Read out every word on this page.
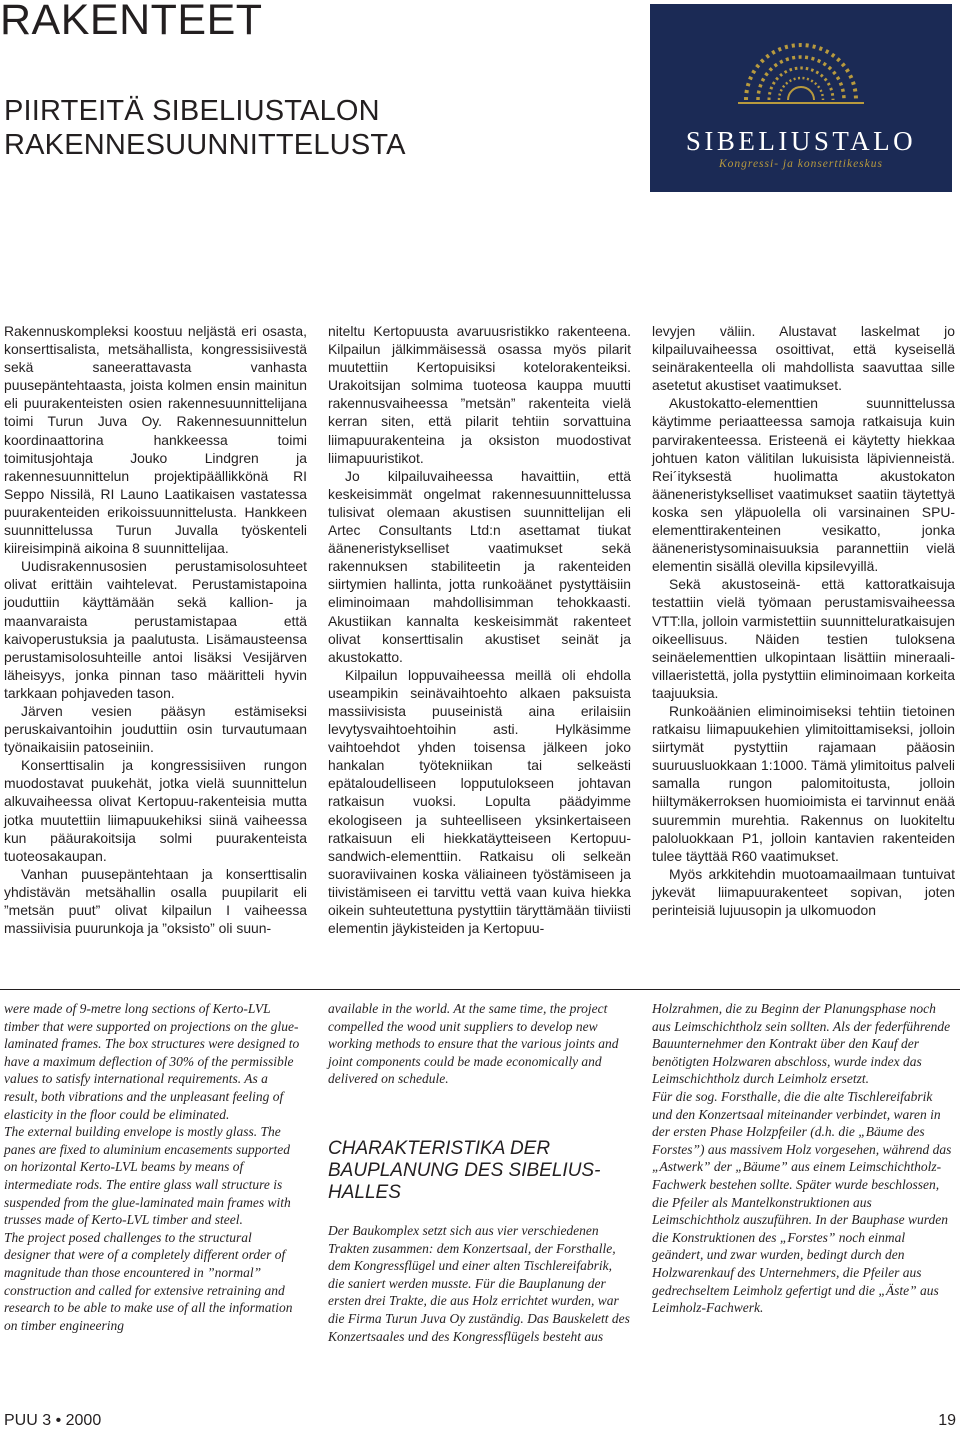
RAKENTEET
PIIRTEITÄ SIBELIUSTALON
RAKENNESUUNNITTELUSTA	SIBELIUSTALO
Kongressi- ja konserttikeskus

Rakennuskompleksi koostuu neljästä eri osasta, konserttisalista, metsähallista, kongressisiivestä sekä saneerattavasta vanhasta puusepäntehtaasta, joista kolmen ensin mainitun eli puurakenteisten osien rakennesuunnittelijana toimi Turun Juva Oy. Rakennesuunnittelun koordinaattorina hankkeessa toimi toimitusjohtaja Jouko Lindgren ja rakennesuunnittelun projektipäällikkönä RI Seppo Nissilä, RI Launo Laatikaisen vastatessa puurakenteiden erikoissuunnittelusta. Hankkeen suunnittelussa Turun Juvalla työskenteli kiireisimpinä aikoina 8 suunnittelijaa.

Uudisrakennusosien perustamisolosuhteet olivat erittäin vaihtelevat. Perustamistapoina jouduttiin käyttämään sekä kallion- ja maanvaraista perustamistapaa että kaivoperustuksia ja paalutusta. Lisämausteensa perustamisolosuhteille antoi lisäksi Vesijärven läheisyys, jonka pinnan taso määritteli hyvin tarkkaan pohjaveden tason.

Järven vesien pääsyn estämiseksi peruskaivantoihin jouduttiin osin turvautumaan työnaikaisiin patoseiniin.

Konserttisalin ja kongressisiiven rungon muodostavat puukehät, jotka vielä suunnittelun alkuvaiheessa olivat Kertopuu-rakenteisia mutta jotka muutettiin liimapuukehiksi siinä vaiheessa kun pääurakoitsija solmi puurakenteista tuoteosakaupan.

Vanhan puusepäntehtaan ja konserttisalin yhdistävän metsähallin osalla puupilarit eli ”metsän puut” olivat kilpailun I vaiheessa massiivisia puurunkoja ja ”oksisto” oli suun-

niteltu Kertopuusta avaruusristikko rakenteena. Kilpailun jälkimmäisessä osassa myös pilarit muutettiin Kertopuisiksi kotelorakenteiksi. Urakoitsijan solmima tuoteosa kauppa muutti rakennusvaiheessa ”metsän” rakenteita vielä kerran siten, että pilarit tehtiin sorvattuina liimapuurakenteina ja oksiston muodostivat liimapuuristikot.

Jo kilpailuvaiheessa havaittiin, että keskeisimmät ongelmat rakennesuunnittelussa tulisivat olemaan akustisen suunnittelijan eli Artec Consultants Ltd:n asettamat tiukat ääneneristykselliset vaatimukset sekä rakennuksen stabiliteetin ja rakenteiden siirtymien hallinta, jotta runkoäänet pystyttäisiin eliminoimaan mahdollisimman tehokkaasti. Akustiikan kannalta keskeisimmät rakenteet olivat konserttisalin akustiset seinät ja akustokatto.

Kilpailun loppuvaiheessa meillä oli ehdolla useampikin seinävaihtoehto alkaen paksuista massiivisista puuseinistä aina erilaisiin levytysvaihtoehtoihin asti. Hylkäsimme vaihtoehdot yhden toisensa jälkeen joko hankalan työtekniikan tai selkeästi epätaloudelliseen lopputulokseen johtavan ratkaisun vuoksi. Lopulta päädyimme ekologiseen ja suhteelliseen yksinkertaiseen ratkaisuun eli hiekkatäytteiseen Kertopuu-sandwich-elementtiin. Ratkaisu oli selkeän suoraviivainen koska väliaineen työstämiseen ja tiivistämiseen ei tarvittu vettä vaan kuiva hiekka oikein suhteutettuna pystyttiin täryttämään tiiviisti elementin jäykisteiden ja Kertopuu-

levyjen väliin. Alustavat laskelmat jo kilpailuvaiheessa osoittivat, että kyseisellä seinärakenteella oli mahdollista saavuttaa sille asetetut akustiset vaatimukset.

Akustokatto-elementtien suunnittelussa käytimme periaatteessa samoja ratkaisuja kuin parvirakenteessa. Eristeenä ei käytetty hiekkaa johtuen katon välitilan lukuisista läpivienneistä. Rei´ityksestä huolimatta akustokaton ääneneristykselliset vaatimukset saatiin täytettyä koska sen yläpuolella oli varsinainen SPU-elementtirakenteinen vesikatto, jonka ääneneristysominaisuuksia parannettiin vielä elementin sisällä olevilla kipsilevyillä.

Sekä akustoseinä- että kattoratkaisuja testattiin vielä työmaan perustamisvaiheessa VTT:lla, jolloin varmistettiin suunnitteluratkaisujen oikeellisuus. Näiden testien tuloksena seinäelementtien ulkopintaan lisättiin mineraali-villaeristettä, jolla pystyttiin eliminoimaan korkeita taajuuksia.

Runkoäänien eliminoimiseksi tehtiin tietoinen ratkaisu liimapuukehien ylimitoittamiseksi, jolloin siirtymät pystyttiin rajamaan pääosin suuruusluokkaan 1:1000. Tämä ylimitoitus palveli samalla rungon palomitoitusta, jolloin hiiltymäkerroksen huomioimista ei tarvinnut enää suuremmin murehtia. Rakennus on luokiteltu paloluokkaan P1, jolloin kantavien rakenteiden tulee täyttää R60 vaatimukset.

Myös arkkitehdin muotoamaailmaan tuntuivat jykevät liimapuurakenteet sopivan, joten perinteisiä lujuusopin ja ulkomuodon

were made of 9-metre long sections of Kerto-LVL timber that were supported on projections on the glue-laminated frames. The box structures were designed to have a maximum deflection of 30% of the permissible values to satisfy international requirements. As a result, both vibrations and the unpleasant feeling of elasticity in the floor could be eliminated.

The external building envelope is mostly glass. The panes are fixed to aluminium encasements supported on horizontal Kerto-LVL beams by means of intermediate rods. The entire glass wall structure is suspended from the glue-laminated main frames with trusses made of Kerto-LVL timber and steel.

The project posed challenges to the structural designer that were of a completely different order of magnitude than those encountered in ”normal” construction and called for extensive retraining and research to be able to make use of all the information on timber engineering

available in the world. At the same time, the project compelled the wood unit suppliers to develop new working methods to ensure that the various joints and joint components could be made economically and delivered on schedule.

CHARAKTERISTIKA DER BAUPLANUNG DES SIBELIUS-HALLES

Der Baukomplex setzt sich aus vier verschiedenen Trakten zusammen: dem Konzertsaal, der Forsthalle, dem Kongressflügel und einer alten Tischlereifabrik, die saniert werden musste. Für die Bauplanung der ersten drei Trakte, die aus Holz errichtet wurden, war die Firma Turun Juva Oy zuständig. Das Bauskelett des Konzertsaales und des Kongressflügels besteht aus

Holzrahmen, die zu Beginn der Planungsphase noch aus Leimschichtholz sein sollten. Als der federführende Bauunternehmer den Kontrakt über den Kauf der benötigten Holzwaren abschloss, wurde index das Leimschichtholz durch Leimholz ersetzt.

Für die sog. Forsthalle, die die alte Tischlereifabrik und den Konzertsaal miteinander verbindet, waren in der ersten Phase Holzpfeiler (d.h. die „Bäume des Forstes”) aus massivem Holz vorgesehen, während das „Astwerk” der „Bäume” aus einem Leimschichtholz-Fachwerk bestehen sollte. Später wurde beschlossen, die Pfeiler als Mantelkonstruktionen aus Leimschichtholz auszuführen. In der Bauphase wurden die Konstruktionen des „Forstes” noch einmal geändert, und zwar wurden, bedingt durch den Holzwarenkauf des Unternehmers, die Pfeiler aus gedrechseltem Leimholz gefertigt und die „Äste” aus Leimholz-Fachwerk.

PUU 3 • 2000	19
